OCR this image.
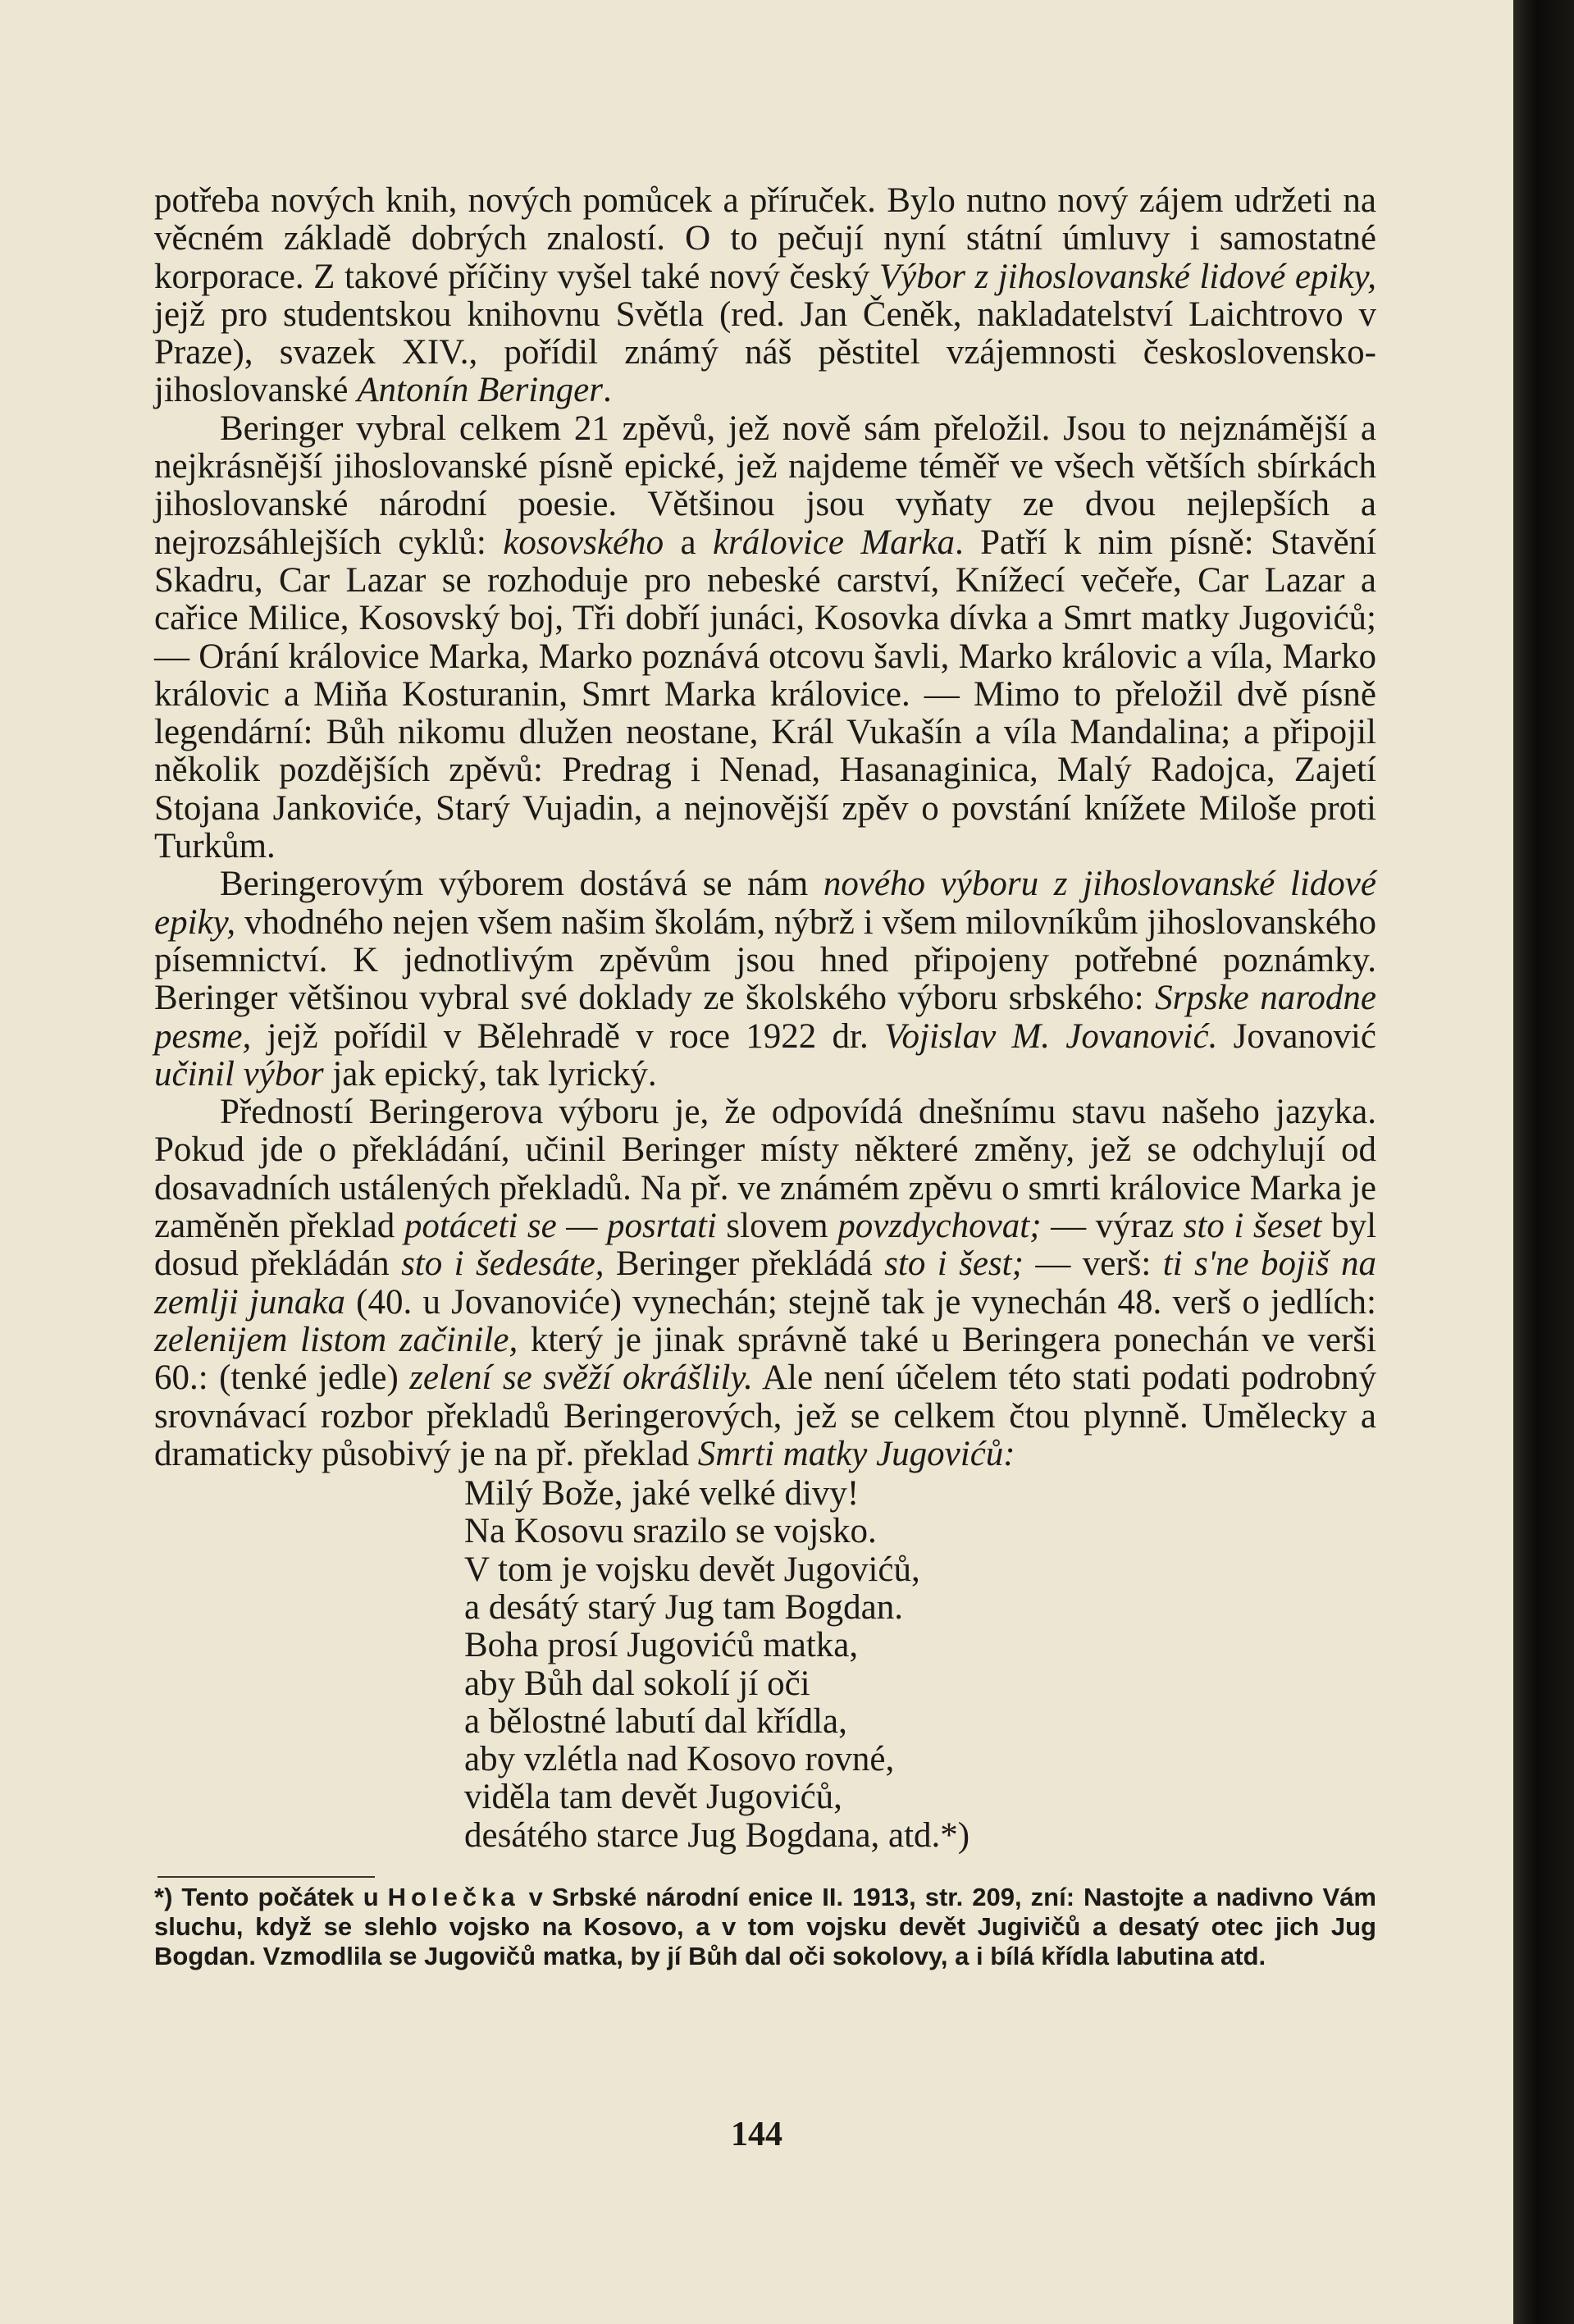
potřeba nových knih, nových pomůcek a příruček. Bylo nutno nový zájem udržeti na věcném základě dobrých znalostí. O to pečují nyní státní úmluvy i samostatné korporace. Z takové příčiny vyšel také nový český Výbor z jihoslovanské lidové epiky, jejž pro studentskou knihovnu Světla (red. Jan Čeněk, nakladatelství Laichtrovo v Praze), svazek XIV., pořídil známý náš pěstitel vzájemnosti československo-jihoslovanské Antonín Beringer.

Beringer vybral celkem 21 zpěvů, jež nově sám přeložil. Jsou to nejznámější a nejkrásnější jihoslovanské písně epické, jež najdeme téměř ve všech větších sbírkách jihoslovanské národní poesie. Většinou jsou vyňaty ze dvou nejlepších a nejrozsáhlejších cyklů: kosovského a královice Marka. Patří k nim písně: Stavění Skadru, Car Lazar se rozhoduje pro nebeské carství, Knížecí večeře, Car Lazar a cařice Milice, Kosovský boj, Tři dobří junáci, Kosovka dívka a Smrt matky Jugovićů; — Orání královice Marka, Marko poznává otcovu šavli, Marko královic a víla, Marko královic a Miňa Kosturanin, Smrt Marka královice. — Mimo to přeložil dvě písně legendární: Bůh nikomu dlužen neostane, Král Vukašín a víla Mandalina; a připojil několik pozdějších zpěvů: Predrag i Nenad, Hasanaginica, Malý Radojca, Zajetí Stojana Jankoviće, Starý Vujadin, a nejnovější zpěv o povstání knížete Miloše proti Turkům.

Beringerovým výborem dostává se nám nového výboru z jihoslovanské lidové epiky, vhodného nejen všem našim školám, nýbrž i všem milovníkům jihoslovanského písemnictví. K jednotlivým zpěvům jsou hned připojeny potřebné poznámky. Beringer většinou vybral své doklady ze školského výboru srbského: Srpske narodne pesme, jejž pořídil v Bělehradě v roce 1922 dr. Vojislav M. Jovanović. Jovanović učinil výbor jak epický, tak lyrický.

Předností Beringerova výboru je, že odpovídá dnešnímu stavu našeho jazyka. Pokud jde o překládání, učinil Beringer místy některé změny, jež se odchylují od dosavadních ustálených překladů. Na př. ve známém zpěvu o smrti královice Marka je zaměněn překlad potáceti se — posrtati slovem povzdychovat; — výraz sto i šeset byl dosud překládán sto i šedesáte, Beringer překládá sto i šest; — verš: ti s'ne bojiš na zemlji junaka (40. u Jovanoviće) vynechán; stejně tak je vynechán 48. verš o jedlích: zelenijem listom začinile, který je jinak správně také u Beringera ponechán ve verši 60.: (tenké jedle) zelení se svěží okrášlily. Ale není účelem této stati podati podrobný srovnávací rozbor překladů Beringerových, jež se celkem čtou plynně. Umělecky a dramaticky působivý je na př. překlad Smrti matky Jugovićů:

Milý Bože, jaké velké divy!
Na Kosovu srazilo se vojsko.
V tom je vojsku devět Jugovićů,
a desátý starý Jug tam Bogdan.
Boha prosí Jugovićů matka,
aby Bůh dal sokolí jí oči
a bělostné labutí dal křídla,
aby vzlétla nad Kosovo rovné,
viděla tam devět Jugovićů,
desátého starce Jug Bogdana, atd.*)

*) Tento počátek u Holečka v Srbské národní enice II. 1913, str. 209, zní: Nastojte a nadivno Vám sluchu, když se slehlo vojsko na Kosovo, a v tom vojsku devět Jugivičů a desatý otec jich Jug Bogdan. Vzmodlila se Jugovičů matka, by jí Bůh dal oči sokolovy, a i bílá křídla labutina atd.

144
